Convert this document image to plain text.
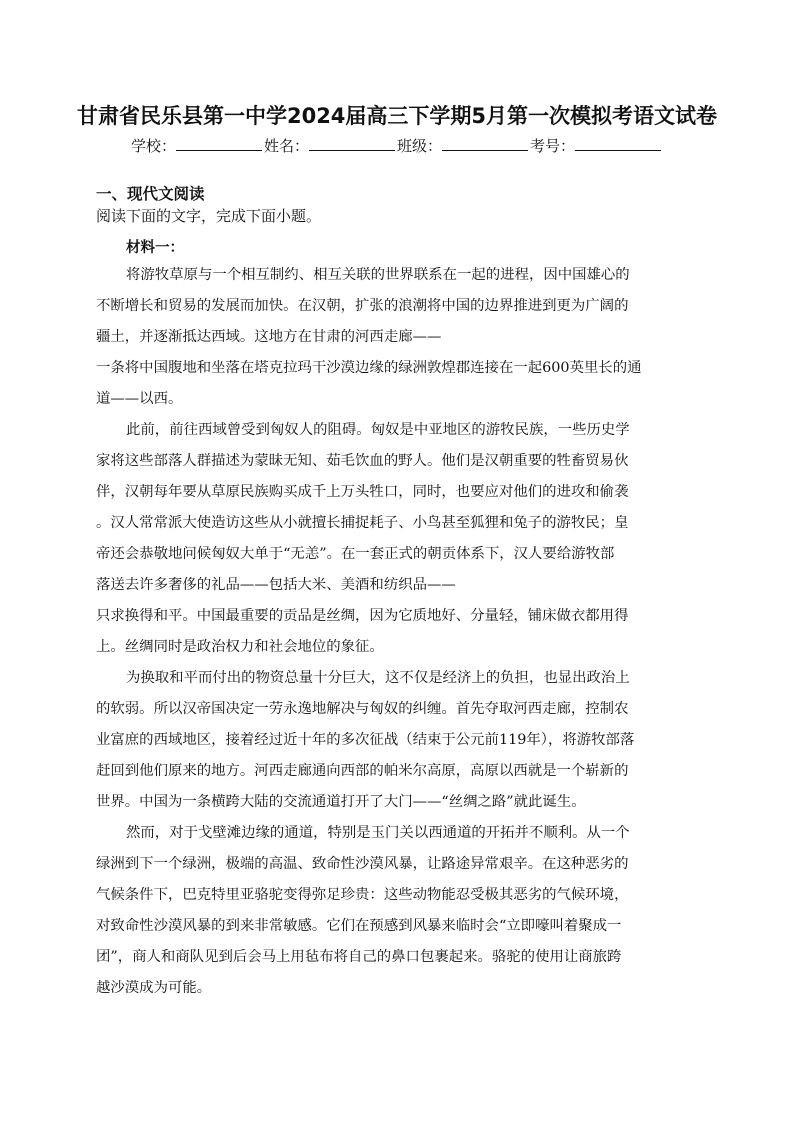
甘肃省民乐县第一中学2024届高三下学期5月第一次模拟考语文试卷
学校：	姓名：	班级：	考号：
一、现代文阅读
阅读下面的文字，完成下面小题。
材料一：
将游牧草原与一个相互制约、相互关联的世界联系在一起的进程，因中国雄心的
不断增长和贸易的发展而加快。在汉朝，扩张的浪潮将中国的边界推进到更为广阔的
疆土，并逐渐抵达西域。这地方在甘肃的河西走廊——
一条将中国腹地和坐落在塔克拉玛干沙漠边缘的绿洲敦煌郡连接在一起600英里长的通
道——以西。
此前，前往西域曾受到匈奴人的阻碍。匈奴是中亚地区的游牧民族，一些历史学
家将这些部落人群描述为蒙昧无知、茹毛饮血的野人。他们是汉朝重要的牲畜贸易伙
伴，汉朝每年要从草原民族购买成千上万头牲口，同时，也要应对他们的进攻和偷袭
。汉人常常派大使造访这些从小就擅长捕捉耗子、小鸟甚至狐狸和兔子的游牧民；皇
帝还会恭敬地问候匈奴大单于“无恙”。在一套正式的朝贡体系下，汉人要给游牧部
落送去许多奢侈的礼品——包括大米、美酒和纺织品——
只求换得和平。中国最重要的贡品是丝绸，因为它质地好、分量轻，铺床做衣都用得
上。丝绸同时是政治权力和社会地位的象征。
为换取和平而付出的物资总量十分巨大，这不仅是经济上的负担，也显出政治上
的软弱。所以汉帝国决定一劳永逸地解决与匈奴的纠缠。首先夺取河西走廊，控制农
业富庶的西域地区，接着经过近十年的多次征战（结束于公元前119年），将游牧部落
赶回到他们原来的地方。河西走廊通向西部的帕米尔高原，高原以西就是一个崭新的
世界。中国为一条横跨大陆的交流通道打开了大门——“丝绸之路”就此诞生。
然而，对于戈壁滩边缘的通道，特别是玉门关以西通道的开拓并不顺利。从一个
绿洲到下一个绿洲，极端的高温、致命性沙漠风暴，让路途异常艰辛。在这种恶劣的
气候条件下，巴克特里亚骆驼变得弥足珍贵：这些动物能忍受极其恶劣的气候环境，
对致命性沙漠风暴的到来非常敏感。它们在预感到风暴来临时会“立即嚎叫着聚成一
团”，商人和商队见到后会马上用毡布将自己的鼻口包裹起来。骆驼的使用让商旅跨
越沙漠成为可能。
